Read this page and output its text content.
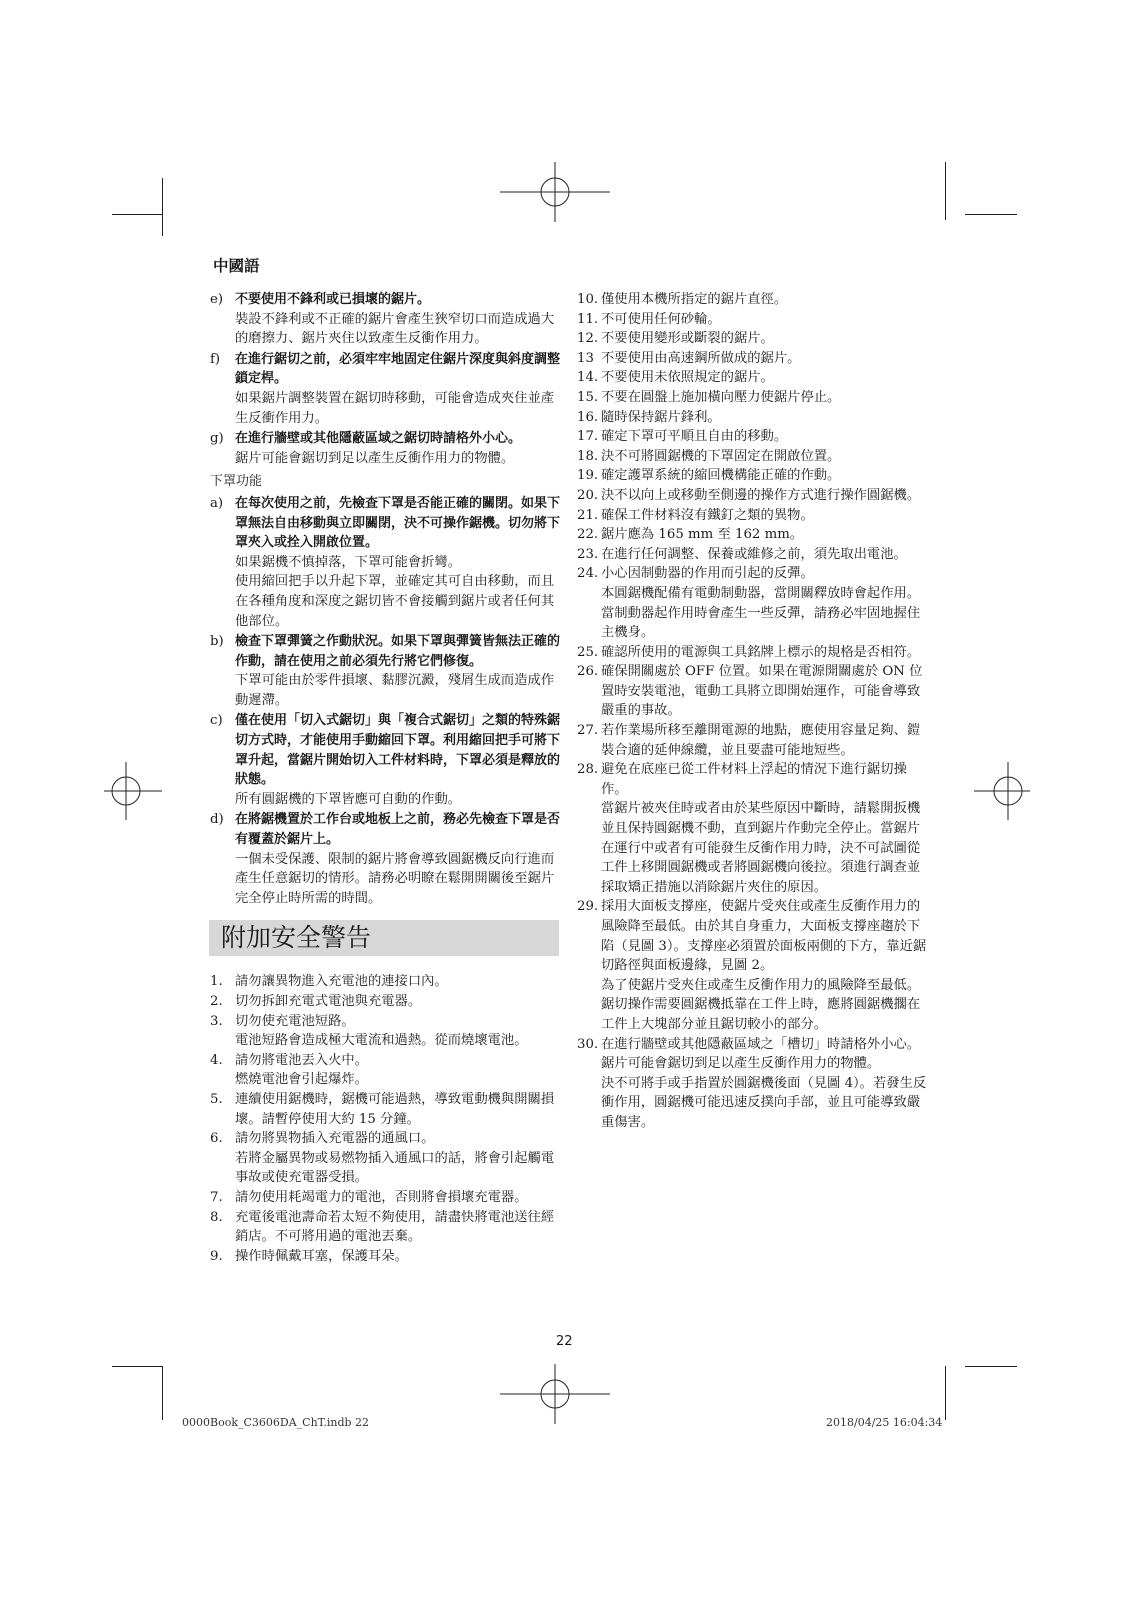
中國語
e) 不要使用不鋒利或已損壞的鋸片。
裝設不鋒利或不正確的鋸片會產生狹窄切口而造成過大的磨擦力、鋸片夾住以致產生反衝作用力。
f) 在進行鋸切之前，必須牢牢地固定住鋸片深度與斜度調整鎖定桿。
如果鋸片調整裝置在鋸切時移動，可能會造成夾住並產生反衝作用力。
g) 在進行牆壁或其他隱蔽區域之鋸切時請格外小心。
鋸片可能會鋸切到足以產生反衝作用力的物體。
下罩功能
a) 在每次使用之前，先檢查下罩是否能正確的關閉。如果下罩無法自由移動與立即關閉，決不可操作鋸機。切勿將下罩夾入或拴入開啟位置。
如果鋸機不慎掉落，下罩可能會折彎。
使用縮回把手以升起下罩，並確定其可自由移動，而且在各種角度和深度之鋸切皆不會接觸到鋸片或者任何其他部位。
b) 檢查下罩彈簧之作動狀況。如果下罩與彈簧皆無法正確的作動，請在使用之前必須先行將它們修復。
下罩可能由於零件損壞、黏膠沉澱，殘屑生成而造成作動遲滯。
c) 僅在使用「切入式鋸切」與「複合式鋸切」之類的特殊鋸切方式時，才能使用手動縮回下罩。利用縮回把手可將下罩升起，當鋸片開始切入工件材料時，下罩必須是釋放的狀態。
所有圓鋸機的下罩皆應可自動的作動。
d) 在將鋸機置於工作台或地板上之前，務必先檢查下罩是否有覆蓋於鋸片上。
一個未受保護、限制的鋸片將會導致圓鋸機反向行進而產生任意鋸切的情形。請務必明瞭在鬆開開關後至鋸片完全停止時所需的時間。
附加安全警告
1. 請勿讓異物進入充電池的連接口內。
2. 切勿拆卸充電式電池與充電器。
3. 切勿使充電池短路。
電池短路會造成極大電流和過熱。從而燒壞電池。
4. 請勿將電池丟入火中。
燃燒電池會引起爆炸。
5. 連續使用鋸機時，鋸機可能過熱，導致電動機與開關損壞。請暫停使用大約 15 分鐘。
6. 請勿將異物插入充電器的通風口。
若將金屬異物或易燃物插入通風口的話，將會引起觸電事故或使充電器受損。
7. 請勿使用耗竭電力的電池，否則將會損壞充電器。
8. 充電後電池壽命若太短不夠使用，請盡快將電池送往經銷店。不可將用過的電池丟棄。
9. 操作時佩戴耳塞，保護耳朵。
10. 僅使用本機所指定的鋸片直徑。
11. 不可使用任何砂輪。
12. 不要使用變形或斷裂的鋸片。
13 不要使用由高速鋼所做成的鋸片。
14. 不要使用未依照規定的鋸片。
15. 不要在圓盤上施加橫向壓力使鋸片停止。
16. 隨時保持鋸片鋒利。
17. 確定下罩可平順且自由的移動。
18. 決不可將圓鋸機的下罩固定在開啟位置。
19. 確定護罩系統的縮回機構能正確的作動。
20. 決不以向上或移動至側邊的操作方式進行操作圓鋸機。
21. 確保工件材料沒有鐵釘之類的異物。
22. 鋸片應為 165 mm 至 162 mm。
23. 在進行任何調整、保養或維修之前，須先取出電池。
24. 小心因制動器的作用而引起的反彈。
本圓鋸機配備有電動制動器，當開關釋放時會起作用。當制動器起作用時會產生一些反彈，請務必牢固地握住主機身。
25. 確認所使用的電源與工具銘牌上標示的規格是否相符。
26. 確保開關處於 OFF 位置。如果在電源開關處於 ON 位置時安裝電池，電動工具將立即開始運作，可能會導致嚴重的事故。
27. 若作業場所移至離開電源的地點，應使用容量足夠、鎧裝合適的延伸線纜，並且要盡可能地短些。
28. 避免在底座已從工件材料上浮起的情況下進行鋸切操作。
當鋸片被夾住時或者由於某些原因中斷時，請鬆開扳機並且保持圓鋸機不動，直到鋸片作動完全停止。當鋸片在運行中或者有可能發生反衝作用力時，決不可試圖從工件上移開圓鋸機或者將圓鋸機向後拉。須進行調查並採取矯正措施以消除鋸片夾住的原因。
29. 採用大面板支撐座，使鋸片受夾住或產生反衝作用力的風險降至最低。由於其自身重力，大面板支撐座趨於下陷（見圖 3）。支撐座必須置於面板兩側的下方，靠近鋸切路徑與面板邊緣，見圖 2。
為了使鋸片受夾住或產生反衝作用力的風險降至最低。鋸切操作需要圓鋸機抵靠在工件上時，應將圓鋸機擱在工件上大塊部分並且鋸切較小的部分。
30. 在進行牆壁或其他隱蔽區域之「槽切」時請格外小心。鋸片可能會鋸切到足以產生反衝作用力的物體。
決不可將手或手指置於圓鋸機後面（見圖 4）。若發生反衝作用，圓鋸機可能迅速反撲向手部，並且可能導致嚴重傷害。
22
0000Book_C3606DA_ChT.indb 22	2018/04/25 16:04:34
